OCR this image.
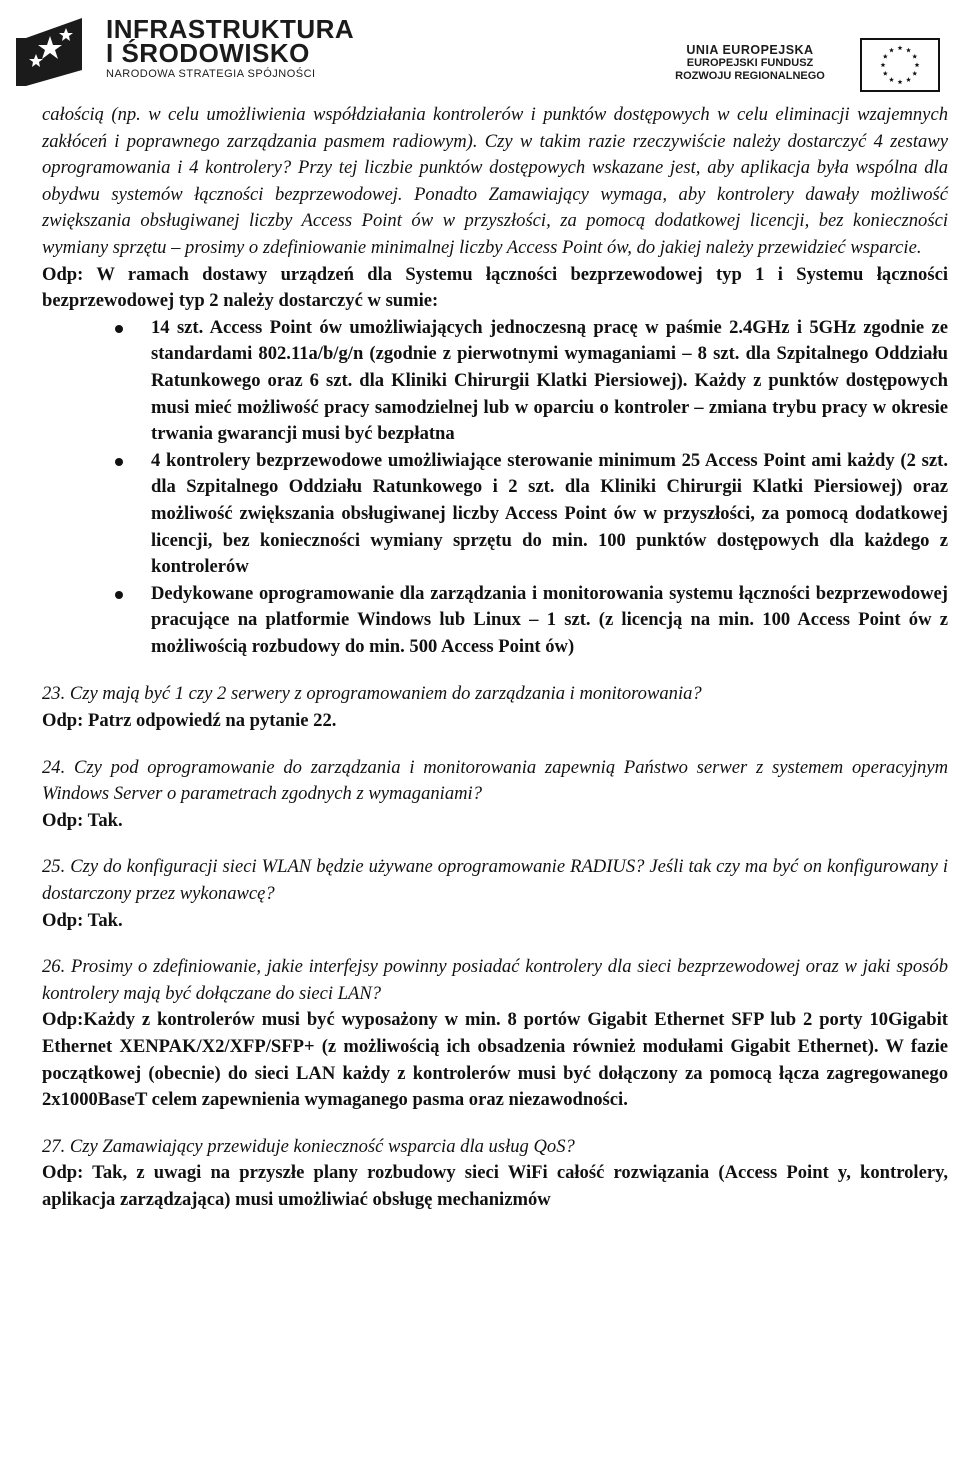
INFRASTRUKTURA
I ŚRODOWISKO
NARODOWA STRATEGIA SPÓJNOŚCI
UNIA EUROPEJSKA
EUROPEJSKI FUNDUSZ
ROZWOJU REGIONALNEGO

całością (np. w celu umożliwienia współdziałania kontrolerów i punktów dostępowych w celu eliminacji wzajemnych zakłóceń i poprawnego zarządzania pasmem radiowym). Czy w takim razie rzeczywiście należy dostarczyć 4 zestawy oprogramowania i 4 kontrolery? Przy tej liczbie punktów dostępowych wskazane jest, aby aplikacja była wspólna dla obydwu systemów łączności bezprzewodowej. Ponadto Zamawiający wymaga, aby kontrolery dawały możliwość zwiększania obsługiwanej liczby Access Point ów w przyszłości, za pomocą dodatkowej licencji, bez konieczności wymiany sprzętu – prosimy o zdefiniowanie minimalnej liczby Access Point ów, do jakiej należy przewidzieć wsparcie.

Odp: W ramach dostawy urządzeń dla Systemu łączności bezprzewodowej typ 1 i Systemu łączności bezprzewodowej typ 2 należy dostarczyć w sumie:

14 szt. Access Point ów umożliwiających jednoczesną pracę w paśmie 2.4GHz i 5GHz zgodnie ze standardami 802.11a/b/g/n (zgodnie z pierwotnymi wymaganiami – 8 szt. dla Szpitalnego Oddziału Ratunkowego oraz 6 szt. dla Kliniki Chirurgii Klatki Piersiowej). Każdy z punktów dostępowych musi mieć możliwość pracy samodzielnej lub w oparciu o kontroler – zmiana trybu pracy w okresie trwania gwarancji musi być bezpłatna
4 kontrolery bezprzewodowe umożliwiające sterowanie minimum 25 Access Point ami każdy (2 szt. dla Szpitalnego Oddziału Ratunkowego i 2 szt. dla Kliniki Chirurgii Klatki Piersiowej) oraz możliwość zwiększania obsługiwanej liczby Access Point ów w przyszłości, za pomocą dodatkowej licencji, bez konieczności wymiany sprzętu do min. 100 punktów dostępowych dla każdego z kontrolerów
Dedykowane oprogramowanie dla zarządzania i monitorowania systemu łączności bezprzewodowej pracujące na platformie Windows lub Linux – 1 szt. (z licencją na min. 100 Access Point ów z możliwością rozbudowy do min. 500 Access Point ów)

23. Czy mają być 1 czy 2 serwery z oprogramowaniem do zarządzania i monitorowania?

Odp: Patrz odpowiedź na pytanie 22.

24. Czy pod oprogramowanie do zarządzania i monitorowania zapewnią Państwo serwer z systemem operacyjnym Windows Server o parametrach zgodnych z wymaganiami?

Odp: Tak.

25. Czy do konfiguracji sieci WLAN będzie używane oprogramowanie RADIUS? Jeśli tak czy ma być on konfigurowany i dostarczony przez wykonawcę?

Odp: Tak.

26. Prosimy o zdefiniowanie, jakie interfejsy powinny posiadać kontrolery dla sieci bezprzewodowej oraz w jaki sposób kontrolery mają być dołączane do sieci LAN?

Odp:Każdy z kontrolerów musi być wyposażony w min. 8 portów Gigabit Ethernet SFP lub 2 porty 10Gigabit Ethernet XENPAK/X2/XFP/SFP+ (z możliwością ich obsadzenia również modułami Gigabit Ethernet). W fazie początkowej (obecnie) do sieci LAN każdy z kontrolerów musi być dołączony za pomocą łącza zagregowanego 2x1000BaseT celem zapewnienia wymaganego pasma oraz niezawodności.

27. Czy Zamawiający przewiduje konieczność wsparcia dla usług QoS?

Odp: Tak, z uwagi na przyszłe plany rozbudowy sieci WiFi całość rozwiązania (Access Point y, kontrolery, aplikacja zarządzająca) musi umożliwiać obsługę mechanizmów
